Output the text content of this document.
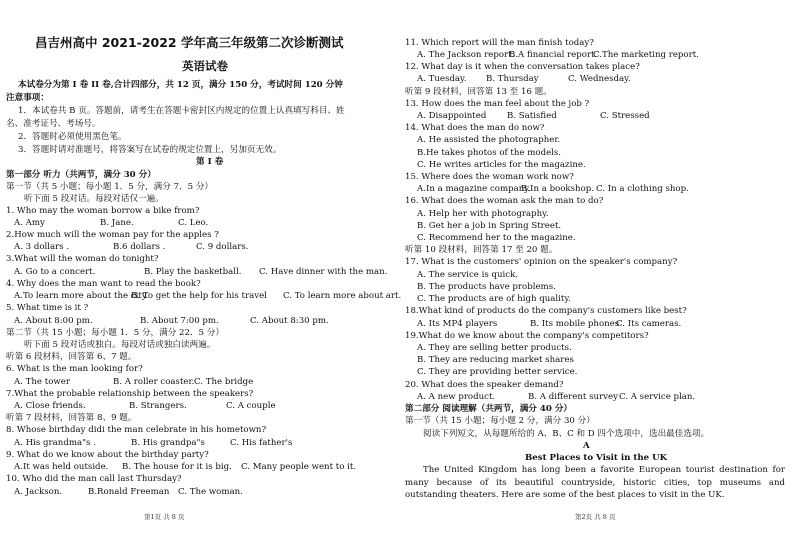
昌吉州高中 2021-2022 学年高三年级第二次诊断测试
英语试卷
本试卷分为第 I 卷 II 卷,合计四部分，共 12 页，满分 150 分，考试时间 120 分钟
注意事项：
1．本试卷共 B 页。答题前，请考生在答题卡密封区内规定的位置上认真填写科目、姓
名、准考证号、考场号。
2．答题时必须使用黑色笔。
3．答题时请对准题号，将答案写在试卷的规定位置上，另加页无效。
第 I 卷
第一部分 听力（共两节，满分 30 分）
第一节（共 5 小题；每小题 1．5 分，满分 7．5 分）
听下面 5 段对话。每段对话仅一遍。
1. Who may the woman borrow a bike from?
A. Amy	B. Jane.	C. Leo.
2.How much will the woman pay for the apples ?
A. 3 dollars .	B.6 dollars .	C. 9 dollars.
3.What will the woman do tonight?
A. Go to a concert.	B. Play the basketball. C. Have dinner with the man.
4. Why does the man want to read the book?
A.To learn more about the city.
B. To get the help for his travel C. To learn more about art.
5. What time is it ?
A. About 8:00 pm.	B. About 7:00 pm.	C. About 8:30 pm.
第二节（共 15 小题；每小题 1．5 分，满分 22．5 分）
听下面 5 段对话或独白。每段对话或独白读两遍。
听第 6 段材料，回答第 6、7 题。
6. What is the man looking for?
A. The tower	B. A roller coaster. C. The bridge
7.What the probable relationship between the speakers?
A. Close friends.	B. Strangers.	C. A couple
听第 7 段材料，回答第 8、9 题。
8. Whose birthday didi the man celebrate in his hometown?
A. His grandma"s .	B. His grandpa"s	C. His father's
9. What do we know about the birthday party?
A.It was held outside. B. The house for it is big. C. Many people went to it.
10. Who did the man call last Thursday?
A. Jackson.	B.Ronald Freeman C. The woman.
第1页 共 8 页
11. Which report will the man finish today?
A. The Jackson report.
B.A financial report.
C.The marketing report.
12. What day is it when the conversation takes place?
A. Tuesday. B. Thursday	C. Wednesday.
听第 9 段材料，回答第 13 至 16 题。
13. How does the man feel about the job ?
A. Disappointed B. Satisfied	C. Stressed
14. What does the man do now?
A. He assisted the photographer.
B.He takes photos of the models.
C. He writes articles for the magazine.
15. Where does the woman work now?
A.In a magazine company.
B.In a bookshop. C. In a clothing shop.
16. What does the woman ask the man to do?
A. Help her with photography.
B. Get her a job in Spring Street.
C. Recommend her to the magazine.
听第 10 段材料，回答第 17 至 20 题。
17. What is the customers' opinion on the speaker's company?
A. The service is quick.
B. The products have problems.
C. The products are of high quality.
18.What kind of products do the company's customers like best?
A. Its MP4 players	B. Its mobile phones
C. Its cameras.
19.What do we know about the company's competitors?
A. They are selling better products.
B. They are reducing market shares
C. They are providing better service.
20. What does the speaker demand?
A. A new product.	B. A different survey C. A service plan.
第二部分 阅读理解（共两节，满分 40 分）
第一节（共 15 小题；每小题 2 分，满分 30 分）
阅读下列短文，从每题所给的 A、B、C 和 D 四个选项中，选出最佳选项。
A
Best Places to Visit in the UK
The United Kingdom has long been a favorite European tourist destination for many because of its beautiful countryside, historic cities, top museums and outstanding theaters. Here are some of the best places to visit in the UK.
第2页 共 8 页
